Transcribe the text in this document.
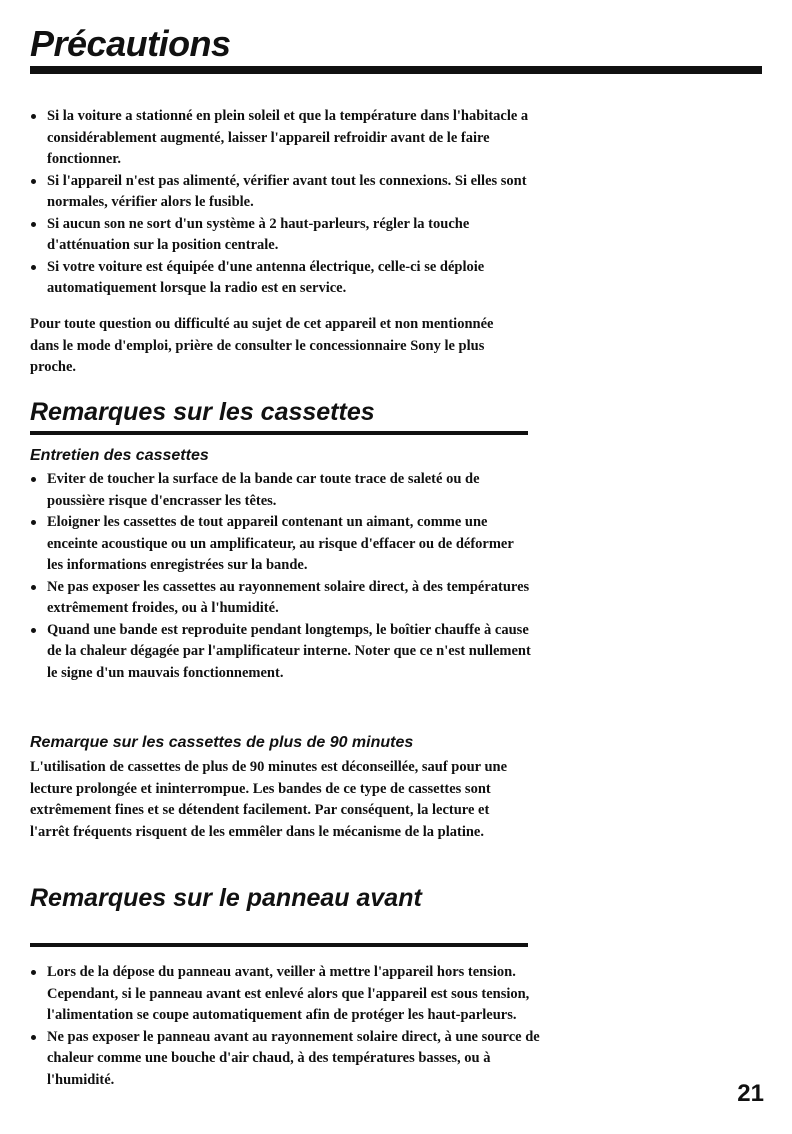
Précautions
Si la voiture a stationné en plein soleil et que la température dans l'habitacle a considérablement augmenté, laisser l'appareil refroidir avant de le faire fonctionner.
Si l'appareil n'est pas alimenté, vérifier avant tout les connexions. Si elles sont normales, vérifier alors le fusible.
Si aucun son ne sort d'un système à 2 haut-parleurs, régler la touche d'atténuation sur la position centrale.
Si votre voiture est équipée d'une antenna électrique, celle-ci se déploie automatiquement lorsque la radio est en service.

Pour toute question ou difficulté au sujet de cet appareil et non mentionnée dans le mode d'emploi, prière de consulter le concessionnaire Sony le plus proche.

Remarques sur les cassettes
Entretien des cassettes
Eviter de toucher la surface de la bande car toute trace de saleté ou de poussière risque d'encrasser les têtes.
Eloigner les cassettes de tout appareil contenant un aimant, comme une enceinte acoustique ou un amplificateur, au risque d'effacer ou de déformer les informations enregistrées sur la bande.
Ne pas exposer les cassettes au rayonnement solaire direct, à des températures extrêmement froides, ou à l'humidité.
Quand une bande est reproduite pendant longtemps, le boîtier chauffe à cause de la chaleur dégagée par l'amplificateur interne. Noter que ce n'est nullement le signe d'un mauvais fonctionnement.
Remarque sur les cassettes de plus de 90 minutes

L'utilisation de cassettes de plus de 90 minutes est déconseillée, sauf pour une lecture prolongée et ininterrompue. Les bandes de ce type de cassettes sont extrêmement fines et se détendent facilement. Par conséquent, la lecture et l'arrêt fréquents risquent de les emmêler dans le mécanisme de la platine.

Remarques sur le panneau avant
Lors de la dépose du panneau avant, veiller à mettre l'appareil hors tension. Cependant, si le panneau avant est enlevé alors que l'appareil est sous tension, l'alimentation se coupe automatiquement afin de protéger les haut-parleurs.
Ne pas exposer le panneau avant au rayonnement solaire direct, à une source de chaleur comme une bouche d'air chaud, à des températures basses, ou à l'humidité.
21
